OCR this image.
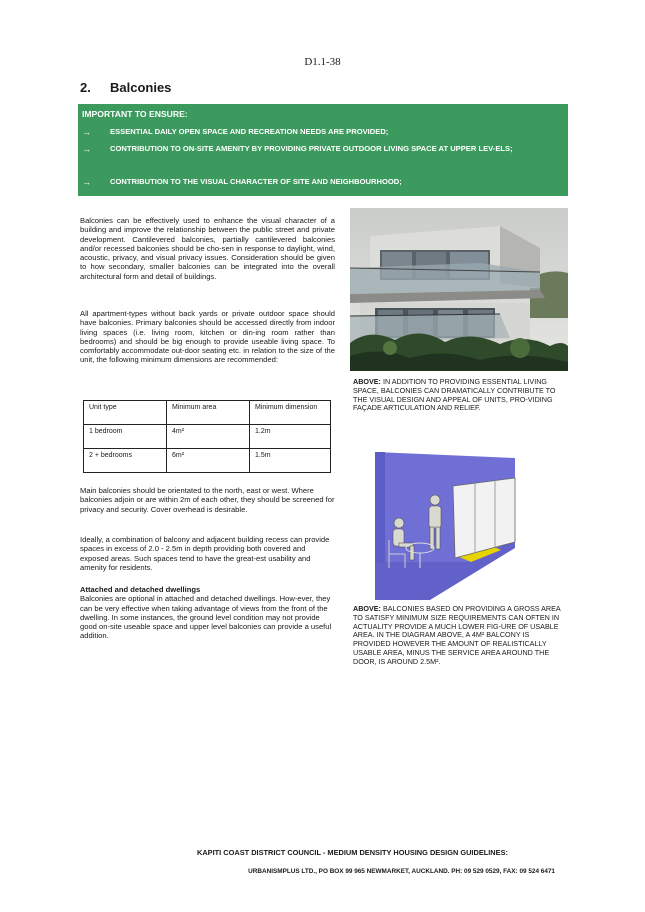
D1.1-38
2. Balconies
IMPORTANT TO ENSURE:
→	ESSENTIAL DAILY OPEN SPACE AND RECREATION NEEDS ARE PROVIDED;
→	CONTRIBUTION TO ON-SITE AMENITY BY PROVIDING PRIVATE OUTDOOR LIVING SPACE AT UPPER LEV-ELS;
→	CONTRIBUTION TO THE VISUAL CHARACTER OF SITE AND NEIGHBOURHOOD;
Balconies can be effectively used to enhance the visual character of a building and improve the relationship between the public street and private development. Cantilevered balconies, partially cantilevered balconies and/or recessed balconies should be cho-sen in response to daylight, wind, acoustic, privacy, and visual privacy issues. Consideration should be given to how secondary, smaller balconies can be integrated into the overall architectural form and detail of buildings.
All apartment-types without back yards or private outdoor space should have balconies. Primary balconies should be accessed directly from indoor living spaces (i.e. living room, kitchen or din-ing room rather than bedrooms) and should be big enough to provide useable living space. To comfortably accommodate out-door seating etc. in relation to the size of the unit, the following minimum dimensions are recommended:
Unit type	Minimum area	Minimum dimension
1 bedroom	4m²	1.2m
2 + bedrooms	6m²	1.5m
Main balconies should be orientated to the north, east or west. Where balconies adjoin or are within 2m of each other, they should be screened for privacy and security. Cover overhead is desirable.
Ideally, a combination of balcony and adjacent building recess can provide spaces in excess of 2.0 - 2.5m in depth providing both covered and exposed areas. Such spaces tend to have the great-est usability and amenity for residents.
Attached and detached dwellings
Balconies are optional in attached and detached dwellings. How-ever, they can be very effective when taking advantage of views from the front of the dwelling. In some instances, the ground level condition may not provide good on-site useable space and upper level balconies can provide a useful addition.
ABOVE: IN ADDITION TO PROVIDING ESSENTIAL LIVING SPACE, BALCONIES CAN DRAMATICALLY CONTRIBUTE TO THE VISUAL DESIGN AND APPEAL OF UNITS, PRO-VIDING FAÇADE ARTICULATION AND RELIEF.
ABOVE: BALCONIES BASED ON PROVIDING A GROSS AREA TO SATISFY MINIMUM SIZE REQUIREMENTS CAN OFTEN IN ACTUALITY PROVIDE A MUCH LOWER FIG-URE OF USABLE AREA. IN THE DIAGRAM ABOVE, A 4M² BALCONY IS PROVIDED HOWEVER THE AMOUNT OF REALISTICALLY USABLE AREA, MINUS THE SERVICE AREA AROUND THE DOOR, IS AROUND 2.5M².
KAPITI COAST DISTRICT COUNCIL - MEDIUM DENSITY HOUSING DESIGN GUIDELINES:
URBANISMPLUS LTD., PO BOX 99 965 NEWMARKET, AUCKLAND. PH: 09 529 0529, FAX: 09 524 6471
